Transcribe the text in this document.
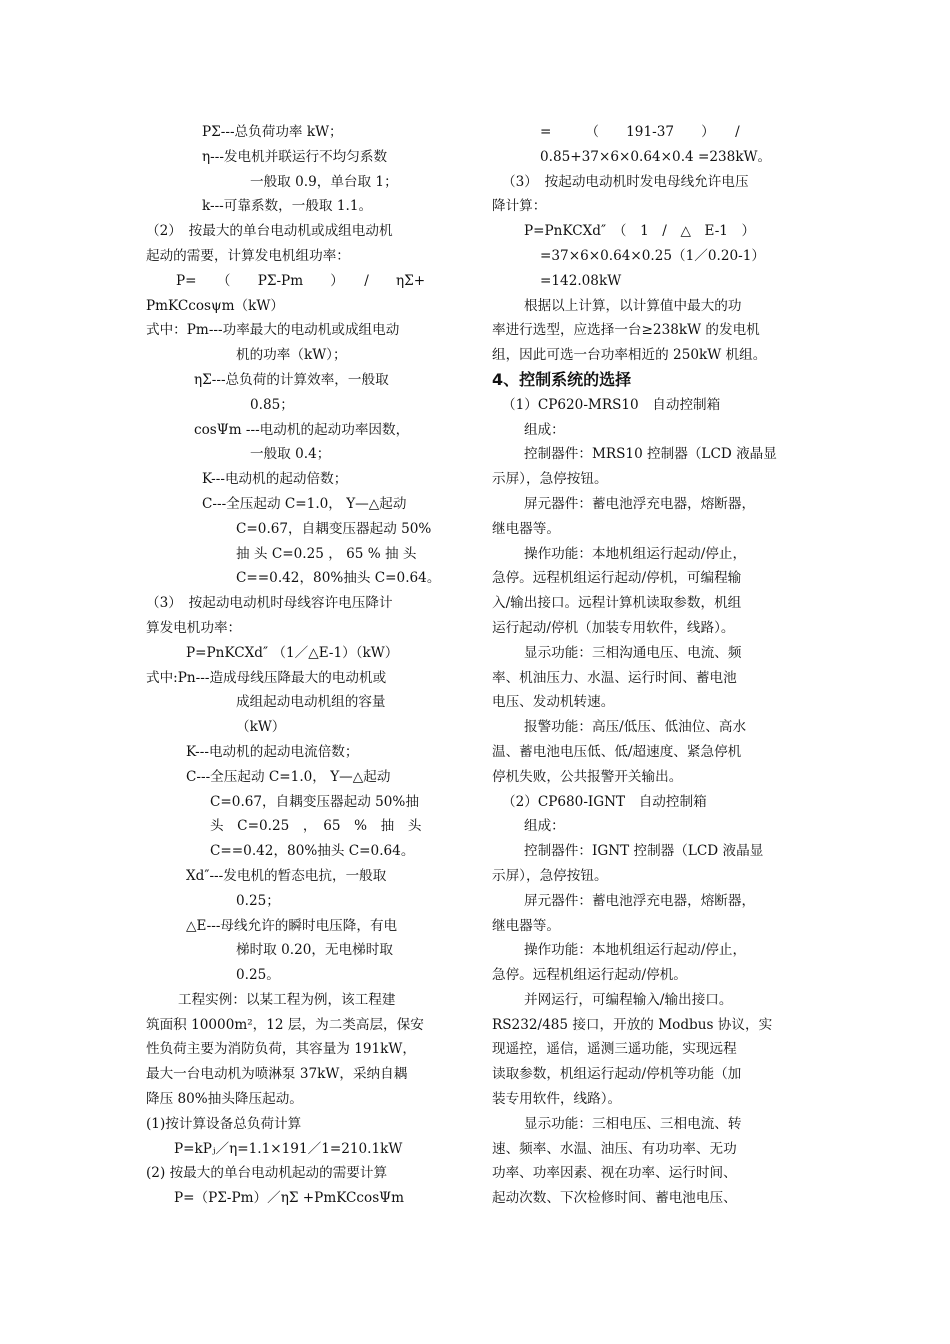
PΣ---总负荷功率 kW；
η---发电机并联运行不均匀系数
一般取 0.9，单台取 1；
k---可靠系数，一般取 1.1。
（2）　按最大的单台电动机或成组电动机
起动的需要，计算发电机组功率：
P=　　（　　PΣ-Pm　　）　　/　　ηΣ+
PmKCcosψm（kW）
式中：Pm---功率最大的电动机或成组电动
机的功率（kW）；
ηΣ---总负荷的计算效率，一般取
0.85；
cosΨm ---电动机的起动功率因数，
一般取 0.4；
K---电动机的起动倍数；
C---全压起动 C=1.0， Y—△起动
C=0.67，自耦变压器起动 50%
抽 头 C=0.25 ， 65 % 抽 头
C==0.42，80%抽头 C=0.64。
（3）　按起动电动机时母线容许电压降计
算发电机功率：
P=PnKCXd″ （1／△E-1）（kW）
式中:Pn---造成母线压降最大的电动机或
成组起动电动机组的容量
（kW）
K---电动机的起动电流倍数；
C---全压起动 C=1.0， Y—△起动
C=0.67，自耦变压器起动 50%抽
头　C=0.25　，　65　%　抽　头
C==0.42，80%抽头 C=0.64。
Xd″---发电机的暂态电抗，一般取
0.25；
△E---母线允许的瞬时电压降，有电
梯时取 0.20，无电梯时取
0.25。
工程实例：以某工程为例，该工程建
筑面积 10000m²，12 层，为二类高层，保安
性负荷主要为消防负荷，其容量为 191kW，
最大一台电动机为喷淋泵 37kW，采纳自耦
降压 80%抽头降压起动。
(1)按计算设备总负荷计算
P=kPⱼ／η=1.1×191／1=210.1kW
(2) 按最大的单台电动机起动的需要计算
P=（PΣ-Pm）／ηΣ +PmKCcosΨm
=　　　（　　191-37　　）　　/
0.85+37×6×0.64×0.4 =238kW。
（3）　按起动电动机时发电母线允许电压
降计算：
P=PnKCXd″　（　1　/　△　E-1　）
=37×6×0.64×0.25（1／0.20-1）
=142.08kW
根据以上计算，以计算值中最大的功
率进行选型，应选择一台≥238kW 的发电机
组，因此可选一台功率相近的 250kW 机组。
4、控制系统的选择
（1）CP620-MRS10　自动控制箱
组成：
控制器件：MRS10 控制器（LCD 液晶显
示屏），急停按钮。
屏元器件：蓄电池浮充电器，熔断器，
继电器等。
操作功能：本地机组运行起动/停止，
急停。远程机组运行起动/停机，可编程输
入/输出接口。远程计算机读取参数，机组
运行起动/停机（加装专用软件，线路）。
显示功能：三相沟通电压、电流、频
率、机油压力、水温、运行时间、蓄电池
电压、发动机转速。
报警功能：高压/低压、低油位、高水
温、蓄电池电压低、低/超速度、紧急停机
停机失败，公共报警开关输出。
（2）CP680-IGNT　自动控制箱
组成：
控制器件：IGNT 控制器（LCD 液晶显
示屏），急停按钮。
屏元器件：蓄电池浮充电器，熔断器，
继电器等。
操作功能：本地机组运行起动/停止，
急停。远程机组运行起动/停机。
并网运行，可编程输入/输出接口。
RS232/485 接口，开放的 Modbus 协议，实
现遥控，遥信，遥测三遥功能，实现远程
读取参数，机组运行起动/停机等功能（加
装专用软件，线路）。
显示功能：三相电压、三相电流、转
速、频率、水温、油压、有功功率、无功
功率、功率因素、视在功率、运行时间、
起动次数、下次检修时间、蓄电池电压、
